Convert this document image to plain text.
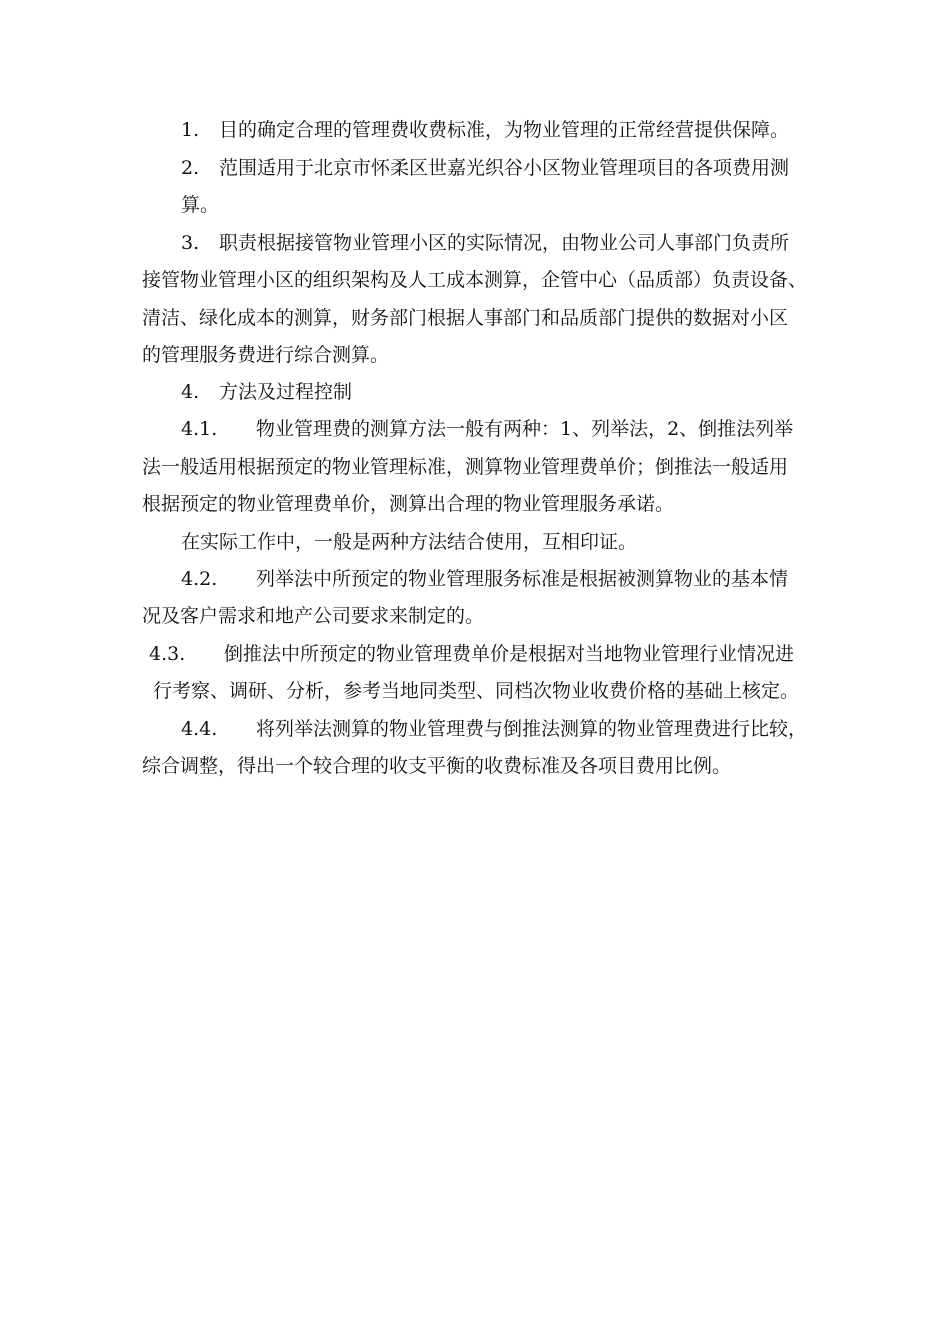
1. 目的确定合理的管理费收费标准，为物业管理的正常经营提供保障。
2. 范围适用于北京市怀柔区世嘉光织谷小区物业管理项目的各项费用测
算。
3. 职责根据接管物业管理小区的实际情况，由物业公司人事部门负责所
接管物业管理小区的组织架构及人工成本测算，企管中心（品质部）负责设备、
清洁、绿化成本的测算，财务部门根据人事部门和品质部门提供的数据对小区
的管理服务费进行综合测算。
4. 方法及过程控制
4.1. 物业管理费的测算方法一般有两种：1、列举法，2、倒推法列举
法一般适用根据预定的物业管理标准，测算物业管理费单价；倒推法一般适用
根据预定的物业管理费单价，测算出合理的物业管理服务承诺。
在实际工作中，一般是两种方法结合使用，互相印证。
4.2. 列举法中所预定的物业管理服务标准是根据被测算物业的基本情
况及客户需求和地产公司要求来制定的。
4.3. 倒推法中所预定的物业管理费单价是根据对当地物业管理行业情况进
行考察、调研、分析，参考当地同类型、同档次物业收费价格的基础上核定。
4.4. 将列举法测算的物业管理费与倒推法测算的物业管理费进行比较，
综合调整，得出一个较合理的收支平衡的收费标准及各项目费用比例。
